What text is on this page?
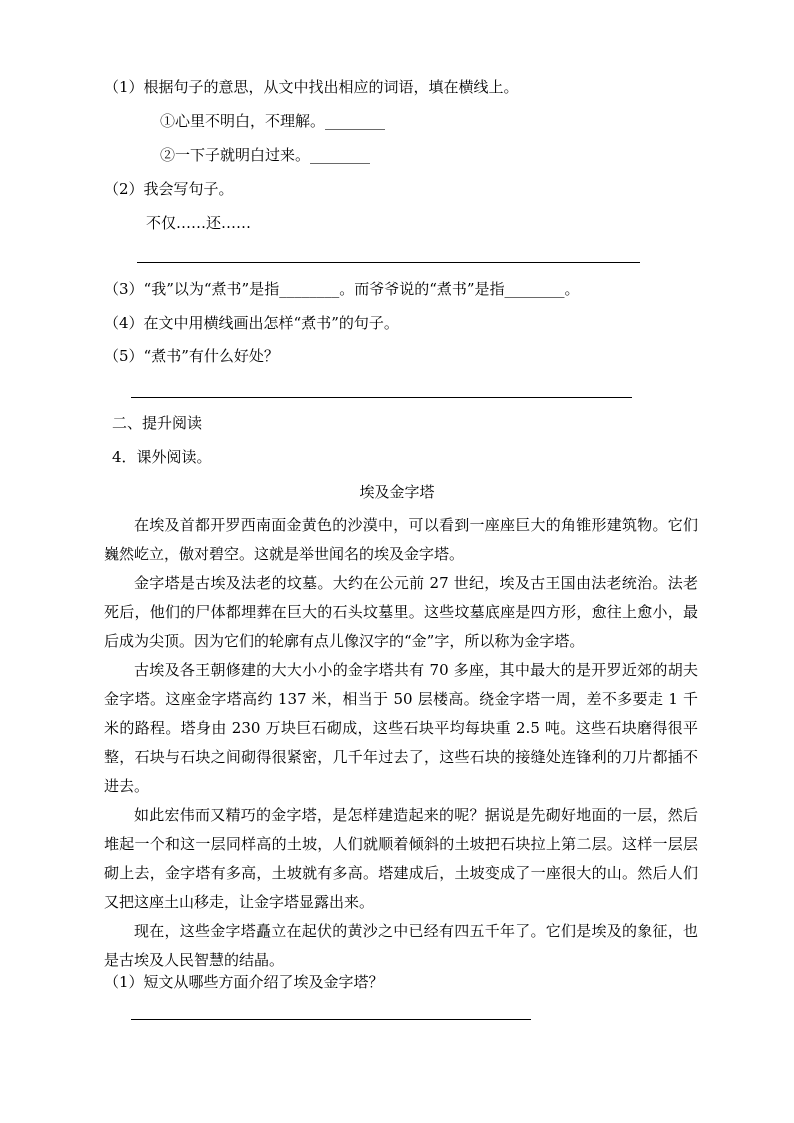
（1）根据句子的意思，从文中找出相应的词语，填在横线上。
①心里不明白，不理解。________
②一下子就明白过来。________
（2）我会写句子。
不仅……还……
（3）“我”以为“煮书”是指________。而爷爷说的“煮书”是指________。
（4）在文中用横线画出怎样“煮书”的句子。
（5）“煮书”有什么好处？
二、提升阅读
4．课外阅读。
埃及金字塔

在埃及首都开罗西南面金黄色的沙漠中，可以看到一座座巨大的角锥形建筑物。它们巍然屹立，傲对碧空。这就是举世闻名的埃及金字塔。

金字塔是古埃及法老的坟墓。大约在公元前 27 世纪，埃及古王国由法老统治。法老死后，他们的尸体都埋葬在巨大的石头坟墓里。这些坟墓底座是四方形，愈往上愈小，最后成为尖顶。因为它们的轮廓有点儿像汉字的“金”字，所以称为金字塔。

古埃及各王朝修建的大大小小的金字塔共有 70 多座，其中最大的是开罗近郊的胡夫金字塔。这座金字塔高约 137 米，相当于 50 层楼高。绕金字塔一周，差不多要走 1 千米的路程。塔身由 230 万块巨石砌成，这些石块平均每块重 2.5 吨。这些石块磨得很平整，石块与石块之间砌得很紧密，几千年过去了，这些石块的接缝处连锋利的刀片都插不进去。

如此宏伟而又精巧的金字塔，是怎样建造起来的呢？据说是先砌好地面的一层，然后堆起一个和这一层同样高的土坡，人们就顺着倾斜的土坡把石块拉上第二层。这样一层层砌上去，金字塔有多高，土坡就有多高。塔建成后，土坡变成了一座很大的山。然后人们又把这座土山移走，让金字塔显露出来。

现在，这些金字塔矗立在起伏的黄沙之中已经有四五千年了。它们是埃及的象征，也是古埃及人民智慧的结晶。

（1）短文从哪些方面介绍了埃及金字塔？
